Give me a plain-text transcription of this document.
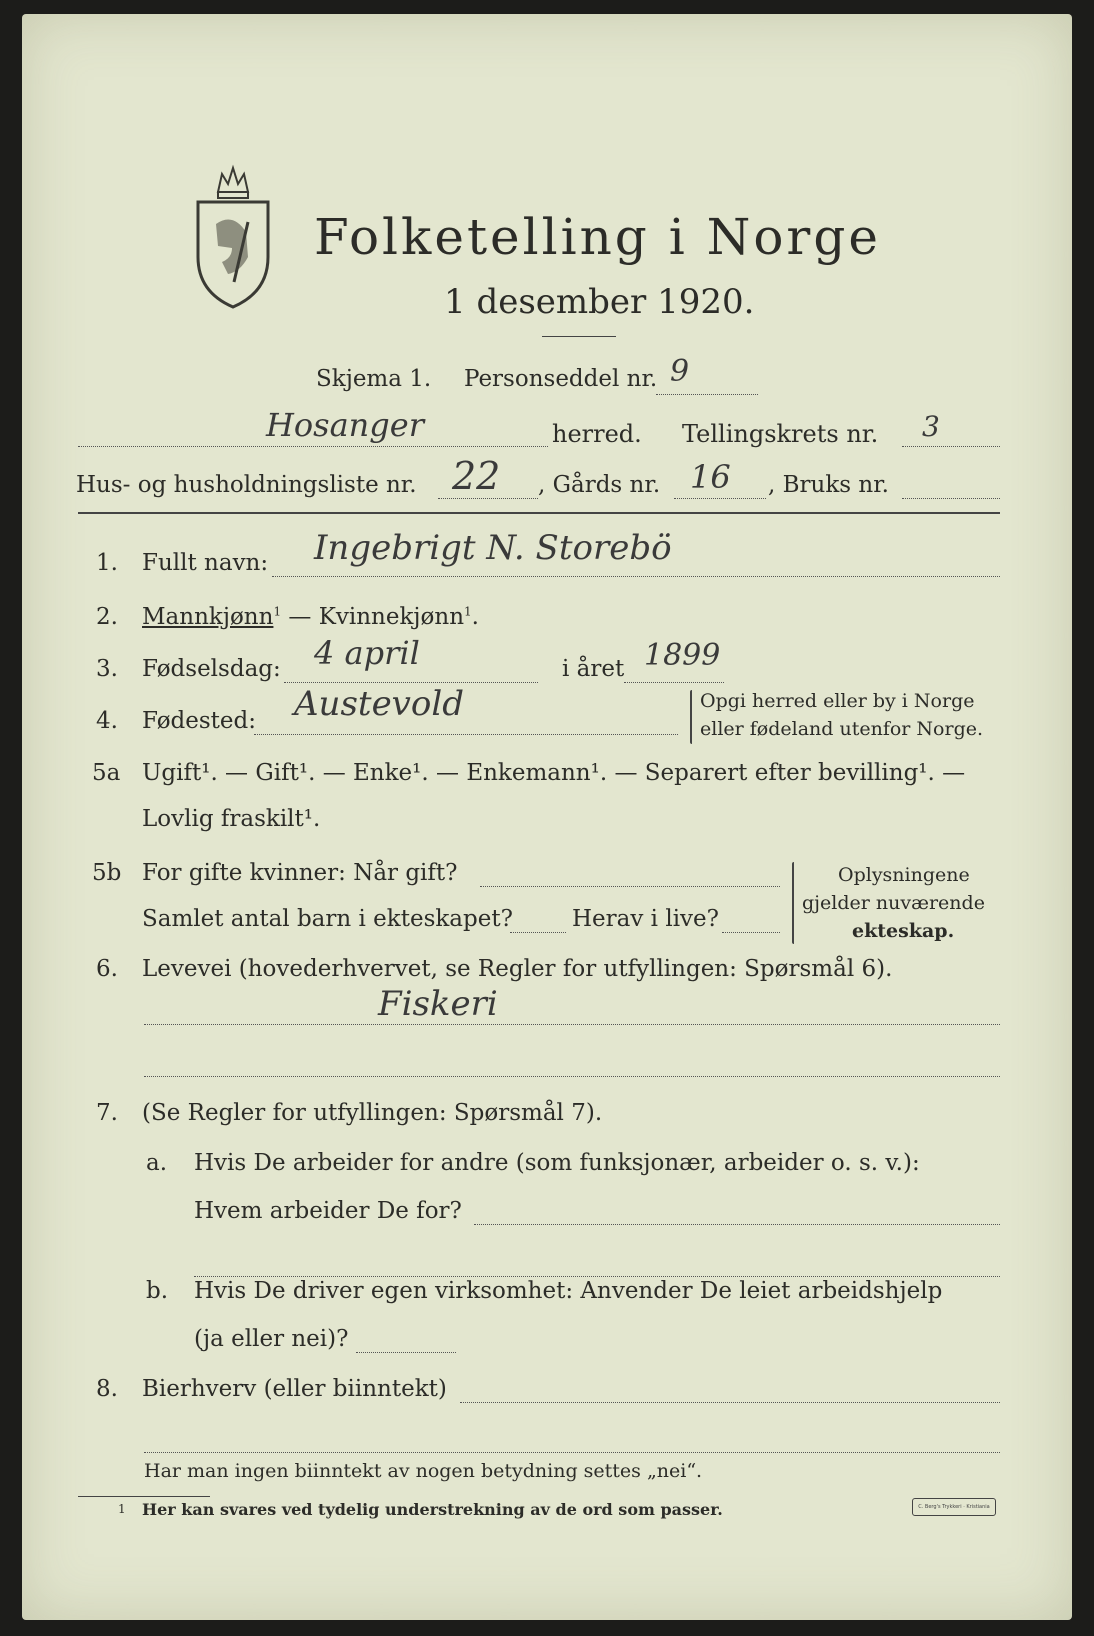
Folketelling i Norge
1 desember 1920.
Skjema 1. Personseddel nr. 9
Hosanger	herred. Tellingskrets nr. 3
Hus- og husholdningsliste nr. 22 , Gårds nr. 16 , Bruks nr.
1. Fullt navn: Ingebrigt N. Storebö
2. Mannkjønn$^1$ — Kvinnekjønn$^1$.
3. Fødselsdag: 4 april	i året 1899
4. Fødested: Austevold	Opgi herred eller by i Norge
eller fødeland utenfor Norge.
5a Ugift¹. — Gift¹. — Enke¹. — Enkemann¹. — Separert efter bevilling¹. —
Lovlig fraskilt¹.
5b For gifte kvinner: Når gift?
Samlet antal barn i ekteskapet?	Herav i live?
Oplysningene
gjelder nuværende
ekteskap.
6. Levevei (hovederhvervet, se Regler for utfyllingen: Spørsmål 6).
Fiskeri
7. (Se Regler for utfyllingen: Spørsmål 7).
a. Hvis De arbeider for andre (som funksjonær, arbeider o. s. v.):
Hvem arbeider De for?
b. Hvis De driver egen virksomhet: Anvender De leiet arbeidshjelp
(ja eller nei)?
8. Bierhverv (eller biinntekt)
Har man ingen biinntekt av nogen betydning settes „nei“.
1 Her kan svares ved tydelig understrekning av de ord som passer.	C. Berg's Trykkeri · Kristiania
